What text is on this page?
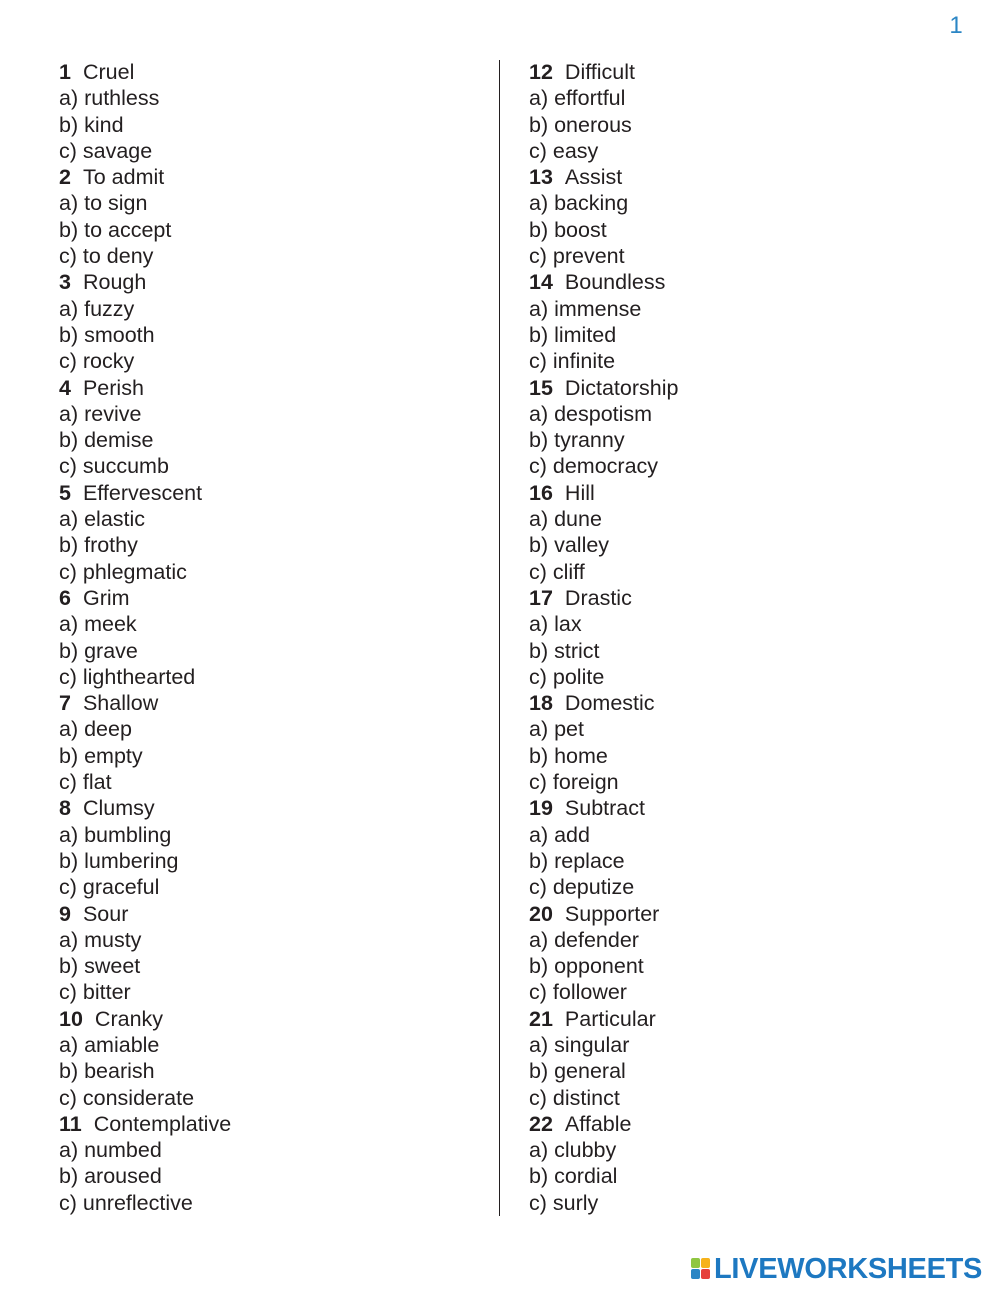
1
1 Cruel
a) ruthless
b) kind
c) savage
2 To admit
a) to sign
b) to accept
c) to deny
3 Rough
a) fuzzy
b) smooth
c) rocky
4 Perish
a) revive
b) demise
c) succumb
5 Effervescent
a) elastic
b) frothy
c) phlegmatic
6 Grim
a) meek
b) grave
c) lighthearted
7 Shallow
a) deep
b) empty
c) flat
8 Clumsy
a) bumbling
b) lumbering
c) graceful
9 Sour
a) musty
b) sweet
c) bitter
10 Cranky
a) amiable
b) bearish
c) considerate
11 Contemplative
a) numbed
b) aroused
c) unreflective
12 Difficult
a) effortful
b) onerous
c) easy
13 Assist
a) backing
b) boost
c) prevent
14 Boundless
a) immense
b) limited
c) infinite
15 Dictatorship
a) despotism
b) tyranny
c) democracy
16 Hill
a) dune
b) valley
c) cliff
17 Drastic
a) lax
b) strict
c) polite
18 Domestic
a) pet
b) home
c) foreign
19 Subtract
a) add
b) replace
c) deputize
20 Supporter
a) defender
b) opponent
c) follower
21 Particular
a) singular
b) general
c) distinct
22 Affable
a) clubby
b) cordial
c) surly
LIVEWORKSHEETS
